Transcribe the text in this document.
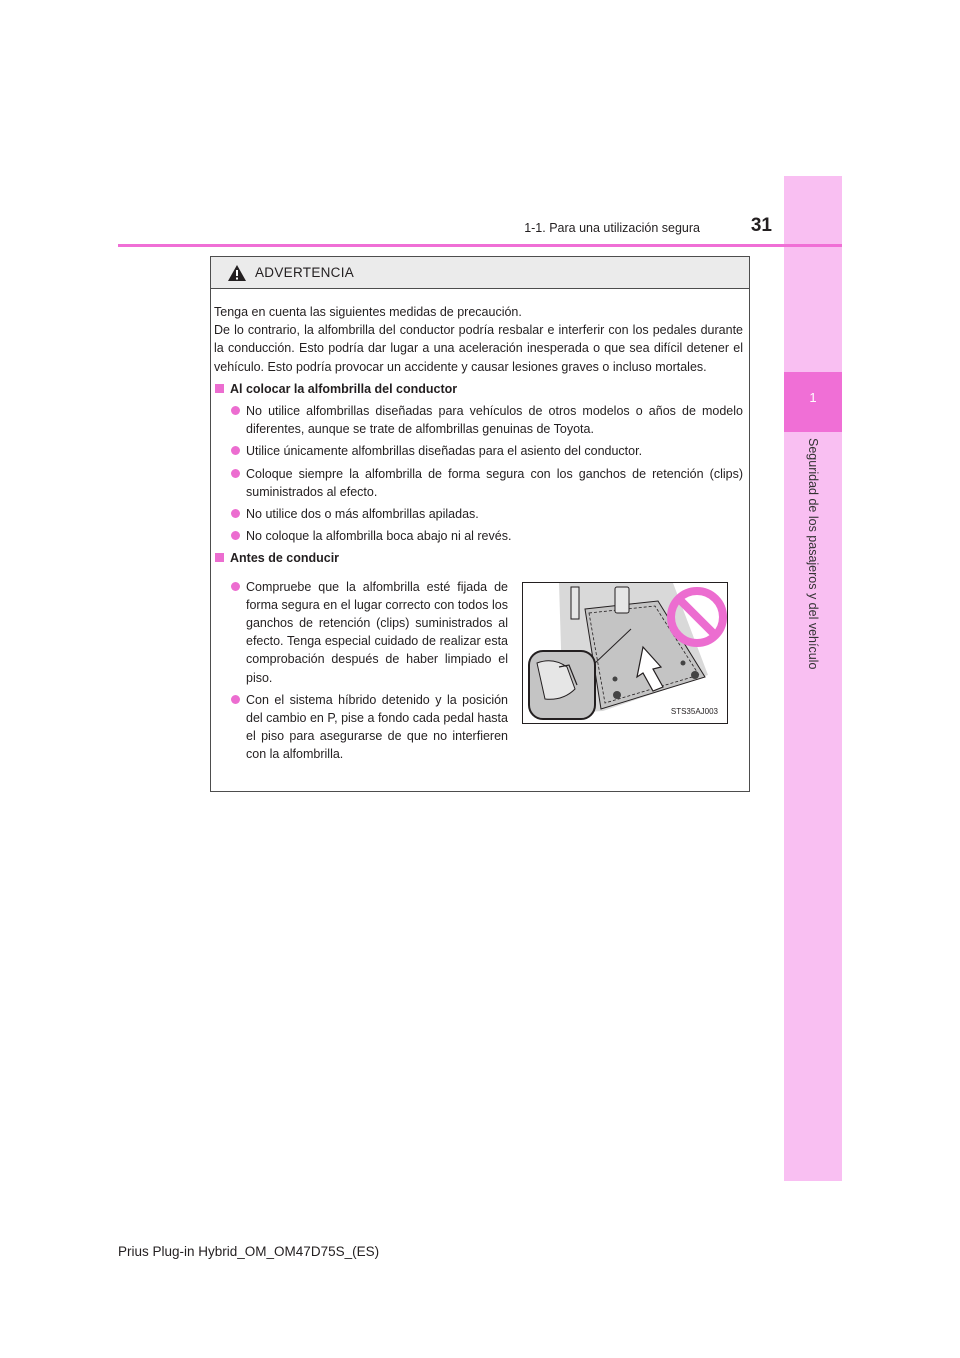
1
Seguridad de los pasajeros y del vehículo
1-1. Para una utilización segura	31
ADVERTENCIA

Tenga en cuenta las siguientes medidas de precaución.
De lo contrario, la alfombrilla del conductor podría resbalar e interferir con los pedales durante la conducción. Esto podría dar lugar a una aceleración inesperada o que sea difícil detener el vehículo. Esto podría provocar un accidente y causar lesiones graves o incluso mortales.

Al colocar la alfombrilla del conductor
No utilice alfombrillas diseñadas para vehículos de otros modelos o años de modelo diferentes, aunque se trate de alfombrillas genuinas de Toyota.
Utilice únicamente alfombrillas diseñadas para el asiento del conductor.
Coloque siempre la alfombrilla de forma segura con los ganchos de retención (clips) suministrados al efecto.
No utilice dos o más alfombrillas apiladas.
No coloque la alfombrilla boca abajo ni al revés.
Antes de conducir
Compruebe que la alfombrilla esté fijada de forma segura en el lugar correcto con todos los ganchos de retención (clips) suministrados al efecto. Tenga especial cuidado de realizar esta comprobación después de haber limpiado el piso.
Con el sistema híbrido detenido y la posición del cambio en P, pise a fondo cada pedal hasta el piso para asegurarse de que no interfieren con la alfombrilla.
STS35AJ003
Prius Plug-in Hybrid_OM_OM47D75S_(ES)
